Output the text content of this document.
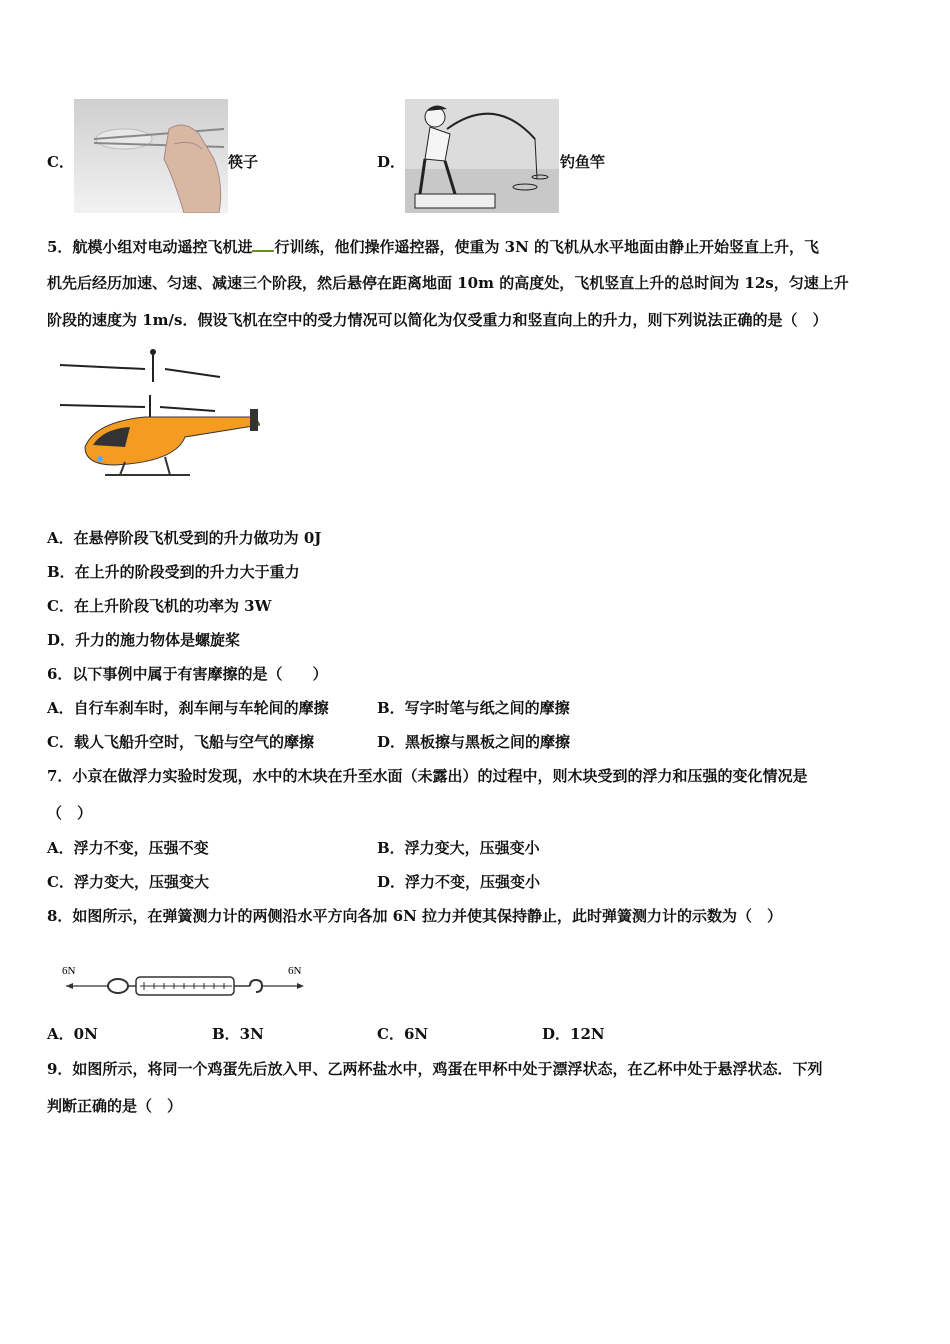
C．	筷子	D．	钓鱼竿
5．航模小组对电动遥控飞机进 行训练，他们操作遥控器，使重为 3N 的飞机从水平地面由静止开始竖直上升，飞
机先后经历加速、匀速、减速三个阶段，然后悬停在距离地面 10m 的高度处，飞机竖直上升的总时间为 12s，匀速上升
阶段的速度为 1m/s．假设飞机在空中的受力情况可以简化为仅受重力和竖直向上的升力，则下列说法正确的是（　）
A．在悬停阶段飞机受到的升力做功为 0J
B．在上升的阶段受到的升力大于重力
C．在上升阶段飞机的功率为 3W
D．升力的施力物体是螺旋桨
6．以下事例中属于有害摩擦的是（　　）
A．自行车刹车时，刹车闸与车轮间的摩擦	B．写字时笔与纸之间的摩擦
C．载人飞船升空时，飞船与空气的摩擦	D．黑板擦与黑板之间的摩擦
7．小京在做浮力实验时发现，水中的木块在升至水面（未露出）的过程中，则木块受到的浮力和压强的变化情况是
（　）
A．浮力不变，压强不变	B．浮力变大，压强变小
C．浮力变大，压强变大	D．浮力不变，压强变小
8．如图所示，在弹簧测力计的两侧沿水平方向各加 6N 拉力并使其保持静止，此时弹簧测力计的示数为（　）
6N	6N
A．0N	B．3N	C．6N	D．12N
9．如图所示，将同一个鸡蛋先后放入甲、乙两杯盐水中，鸡蛋在甲杯中处于漂浮状态，在乙杯中处于悬浮状态．下列
判断正确的是（　）
